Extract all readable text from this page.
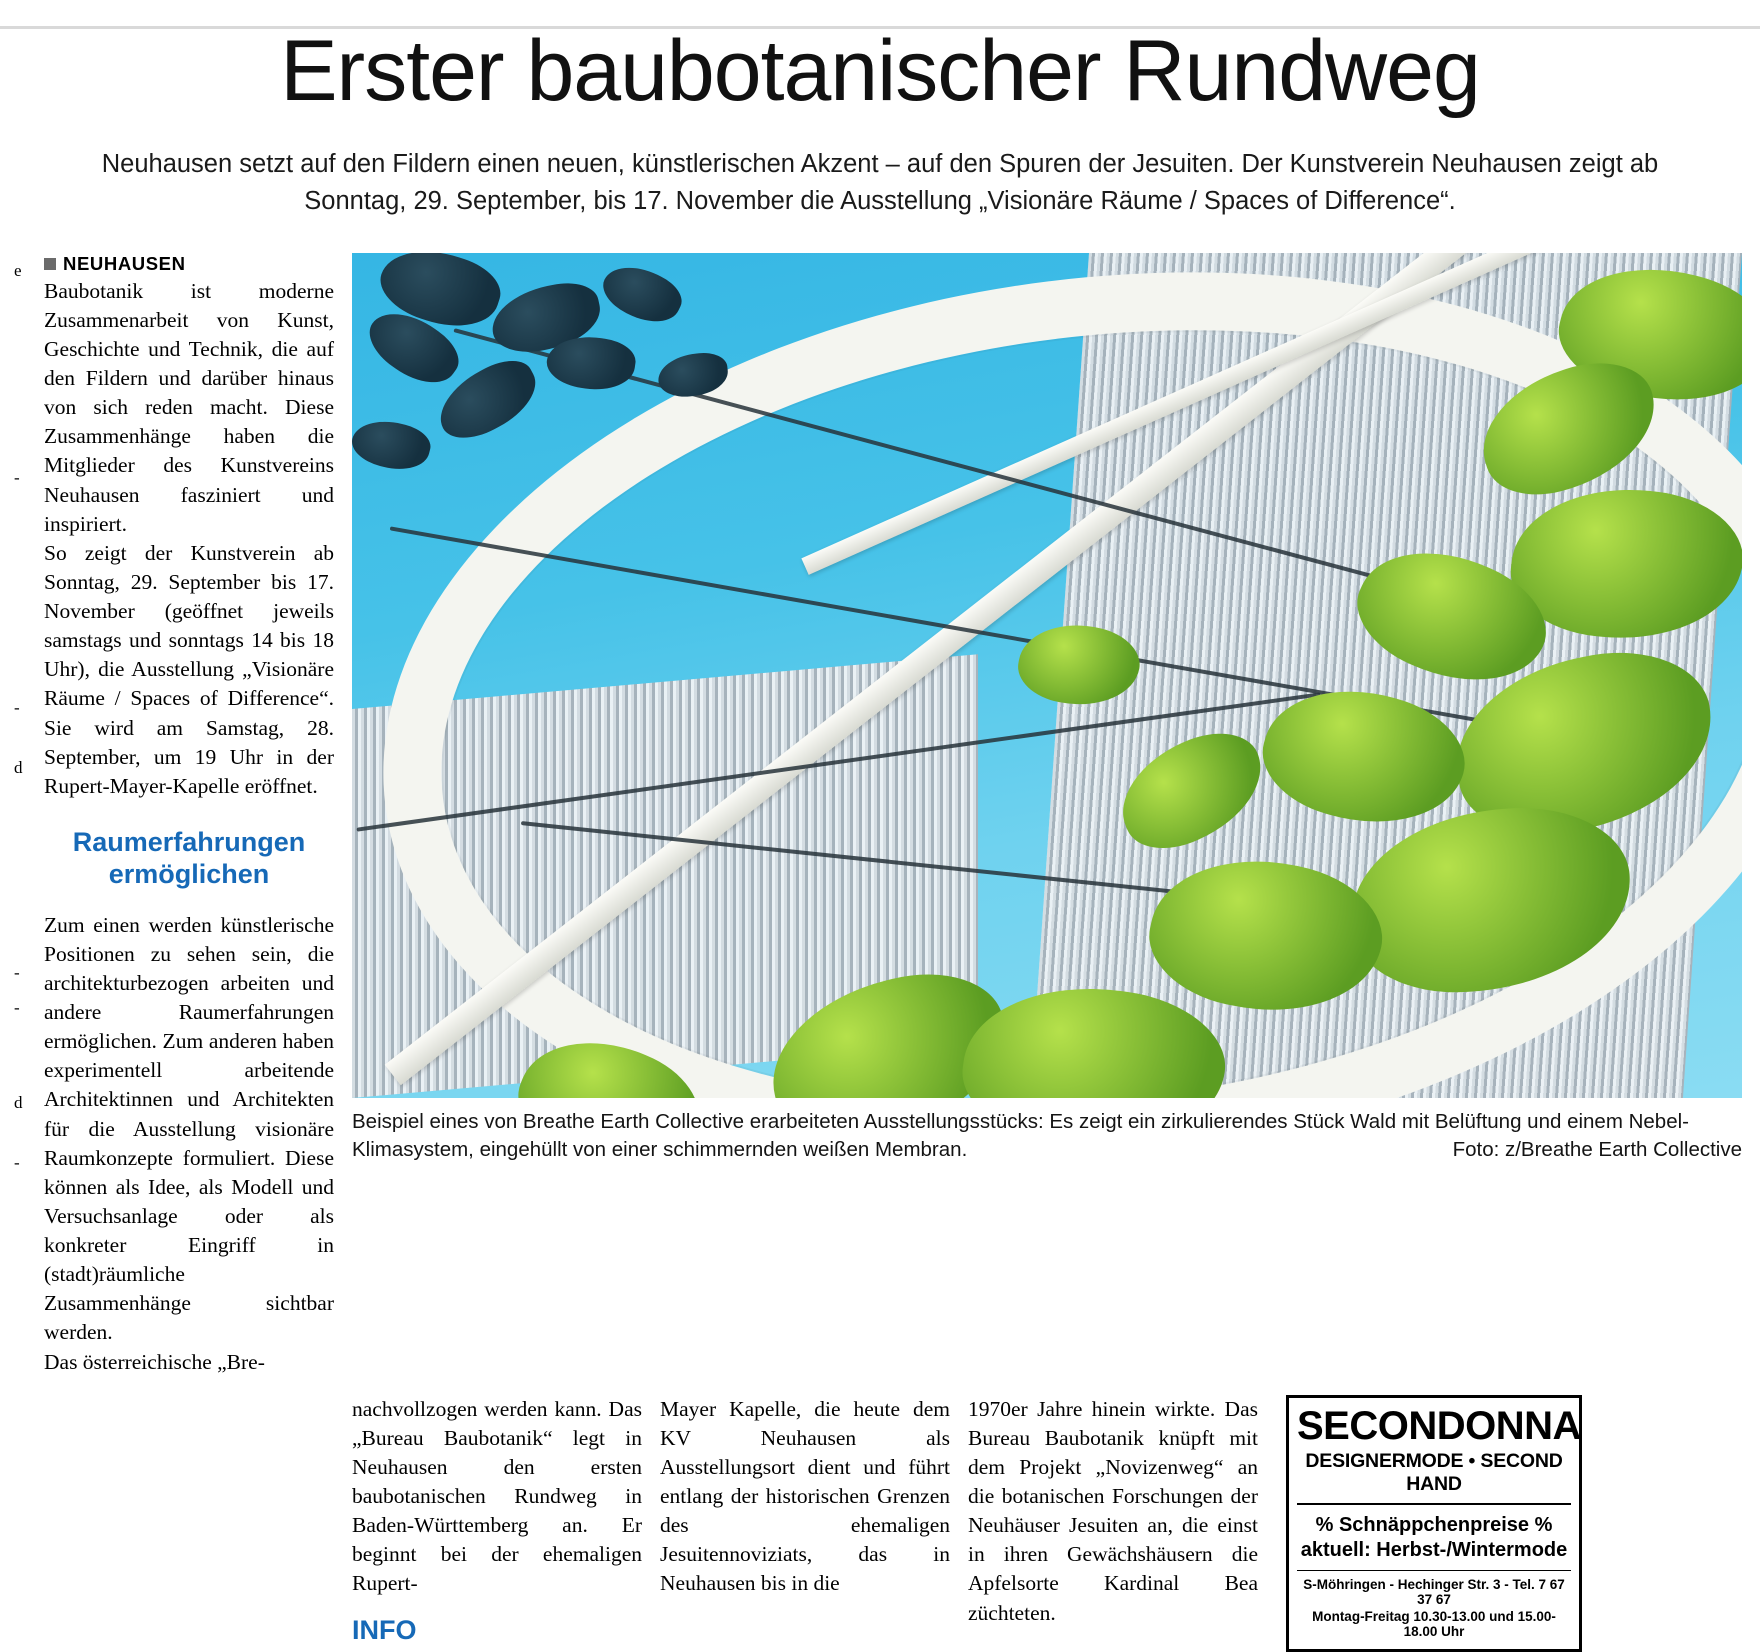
Erster baubotanischer Rundweg
Neuhausen setzt auf den Fildern einen neuen, künstlerischen Akzent – auf den Spuren der Jesuiten. Der Kunstverein Neuhausen zeigt ab Sonntag, 29. September, bis 17. November die Ausstellung „Visionäre Räume / Spaces of Difference“.
e
-
-
d
-
-
d
-
NEUHAUSEN

Baubotanik ist moderne Zusammenarbeit von Kunst, Geschichte und Technik, die auf den Fildern und darüber hinaus von sich reden macht. Diese Zusammenhänge haben die Mitglieder des Kunstvereins Neuhausen fasziniert und inspiriert.

So zeigt der Kunstverein ab Sonntag, 29. September bis 17. November (geöffnet jeweils samstags und sonntags 14 bis 18 Uhr), die Ausstellung „Visionäre Räume / Spaces of Difference“. Sie wird am Samstag, 28. September, um 19 Uhr in der Rupert-Mayer-Kapelle eröffnet.

Raumerfahrungen ermöglichen

Zum einen werden künstlerische Positionen zu sehen sein, die architekturbezogen arbeiten und andere Raumerfahrungen ermöglichen. Zum anderen haben experimentell arbeitende Architektinnen und Architekten für die Ausstellung visionäre Raumkonzepte formuliert. Diese können als Idee, als Modell und Versuchsanlage oder als konkreter Eingriff in (stadt)räumliche Zusammenhänge sichtbar werden.

Das österreichische „Bre-

Beispiel eines von Breathe Earth Collective erarbeiteten Ausstellungsstücks: Es zeigt ein zirkulierendes Stück Wald mit Belüftung und einem Nebel-Klimasystem, eingehüllt von einer schimmernden weißen Membran.	Foto: z/Breathe Earth Collective
nachvollzogen werden kann. Das „Bureau Baubotanik“ legt in Neuhausen den ersten baubotanischen Rundweg in Baden-Württemberg an. Er beginnt bei der ehemaligen Rupert-
INFO
Mayer Kapelle, die heute dem KV Neuhausen als Ausstellungsort dient und führt entlang der historischen Grenzen des ehemaligen Jesuitennoviziats, das in Neuhausen bis in die
1970er Jahre hinein wirkte. Das Bureau Baubotanik knüpft mit dem Projekt „Novizenweg“ an die botanischen Forschungen der Neuhäuser Jesuiten an, die einst in ihren Gewächshäusern die Apfelsorte Kardinal Bea züchteten.
SECONDONNA
DESIGNERMODE • SECOND HAND
% Schnäppchenpreise %
aktuell: Herbst-/Wintermode
S-Möhringen - Hechinger Str. 3 - Tel. 7 67 37 67
Montag-Freitag 10.30-13.00 und 15.00-18.00 Uhr
